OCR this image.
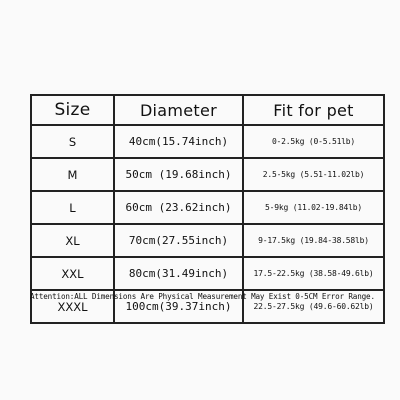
Size	Diameter	Fit for pet
S	40cm(15.74inch)	0-2.5kg (0-5.51lb)
M	50cm (19.68inch)	2.5-5kg (5.51-11.02lb)
L	60cm (23.62inch)	5-9kg (11.02-19.84lb)
XL	70cm(27.55inch)	9-17.5kg (19.84-38.58lb)
XXL	80cm(31.49inch)	17.5-22.5kg (38.58-49.6lb)
XXXL	100cm(39.37inch)	22.5-27.5kg (49.6-60.62lb)
Attention:ALL Dimensions Are Physical Measurement May Exist 0-5CM Error Range.
